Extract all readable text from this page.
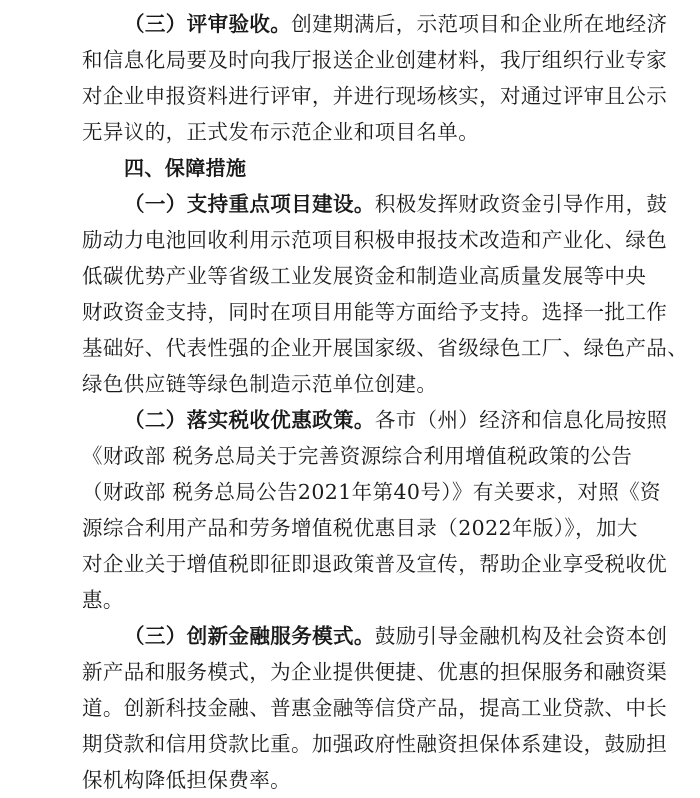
（三）评审验收。创建期满后，示范项目和企业所在地经济
和信息化局要及时向我厅报送企业创建材料，我厅组织行业专家
对企业申报资料进行评审，并进行现场核实，对通过评审且公示
无异议的，正式发布示范企业和项目名单。
四、保障措施
（一）支持重点项目建设。积极发挥财政资金引导作用，鼓
励动力电池回收利用示范项目积极申报技术改造和产业化、绿色
低碳优势产业等省级工业发展资金和制造业高质量发展等中央
财政资金支持，同时在项目用能等方面给予支持。选择一批工作
基础好、代表性强的企业开展国家级、省级绿色工厂、绿色产品、
绿色供应链等绿色制造示范单位创建。
（二）落实税收优惠政策。各市（州）经济和信息化局按照
《财政部 税务总局关于完善资源综合利用增值税政策的公告
（财政部 税务总局公告2021年第40号）》有关要求，对照《资
源综合利用产品和劳务增值税优惠目录（2022年版）》，加大
对企业关于增值税即征即退政策普及宣传，帮助企业享受税收优
惠。
（三）创新金融服务模式。鼓励引导金融机构及社会资本创
新产品和服务模式，为企业提供便捷、优惠的担保服务和融资渠
道。创新科技金融、普惠金融等信贷产品，提高工业贷款、中长
期贷款和信用贷款比重。加强政府性融资担保体系建设，鼓励担
保机构降低担保费率。
